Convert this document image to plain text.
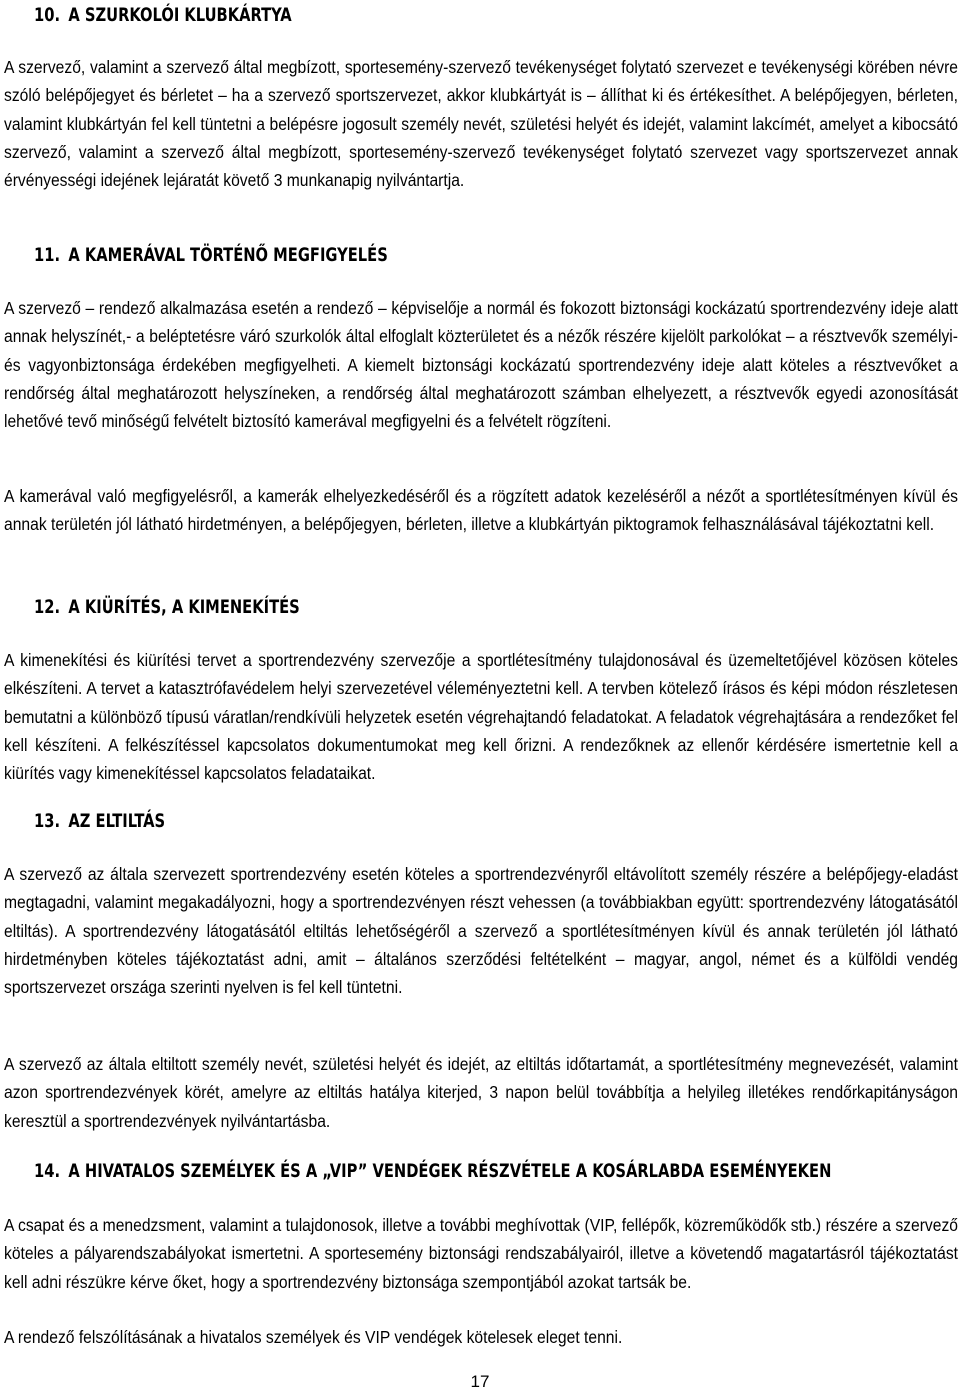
10. A SZURKOLÓI KLUBKÁRTYA
A szervező, valamint a szervező által megbízott, sportesemény-szervező tevékenységet folytató szervezet e tevékenységi körében névre szóló belépőjegyet és bérletet – ha a szervező sportszervezet, akkor klubkártyát is – állíthat ki és értékesíthet. A belépőjegyen, bérleten, valamint klubkártyán fel kell tüntetni a belépésre jogosult személy nevét, születési helyét és idejét, valamint lakcímét, amelyet a kibocsátó szervező, valamint a szervező által megbízott, sportesemény-szervező tevékenységet folytató szervezet vagy sportszervezet annak érvényességi idejének lejáratát követő 3 munkanapig nyilvántartja.
11. A KAMERÁVAL TÖRTÉNŐ MEGFIGYELÉS
A szervező – rendező alkalmazása esetén a rendező – képviselője a normál és fokozott biztonsági kockázatú sportrendezvény ideje alatt annak helyszínét,- a beléptetésre váró szurkolók által elfoglalt közterületet és a nézők részére kijelölt parkolókat – a résztvevők személyi- és vagyonbiztonsága érdekében megfigyelheti. A kiemelt biztonsági kockázatú sportrendezvény ideje alatt köteles a résztvevőket a rendőrség által meghatározott helyszíneken, a rendőrség által meghatározott számban elhelyezett, a résztvevők egyedi azonosítását lehetővé tevő minőségű felvételt biztosító kamerával megfigyelni és a felvételt rögzíteni.
A kamerával való megfigyelésről, a kamerák elhelyezkedéséről és a rögzített adatok kezeléséről a nézőt a sportlétesítményen kívül és annak területén jól látható hirdetményen, a belépőjegyen, bérleten, illetve a klubkártyán piktogramok felhasználásával tájékoztatni kell.
12. A KIÜRÍTÉS, A KIMENEKÍTÉS
A kimenekítési és kiürítési tervet a sportrendezvény szervezője a sportlétesítmény tulajdonosával és üzemeltetőjével közösen köteles elkészíteni. A tervet a katasztrófavédelem helyi szervezetével véleményeztetni kell. A tervben kötelező írásos és képi módon részletesen bemutatni a különböző típusú váratlan/rendkívüli helyzetek esetén végrehajtandó feladatokat. A feladatok végrehajtására a rendezőket fel kell készíteni. A felkészítéssel kapcsolatos dokumentumokat meg kell őrizni. A rendezőknek az ellenőr kérdésére ismertetnie kell a kiürítés vagy kimenekítéssel kapcsolatos feladataikat.
13. AZ ELTILTÁS
A szervező az általa szervezett sportrendezvény esetén köteles a sportrendezvényről eltávolított személy részére a belépőjegy-eladást megtagadni, valamint megakadályozni, hogy a sportrendezvényen részt vehessen (a továbbiakban együtt: sportrendezvény látogatásától eltiltás). A sportrendezvény látogatásától eltiltás lehetőségéről a szervező a sportlétesítményen kívül és annak területén jól látható hirdetményben köteles tájékoztatást adni, amit – általános szerződési feltételként – magyar, angol, német és a külföldi vendég sportszervezet országa szerinti nyelven is fel kell tüntetni.
A szervező az általa eltiltott személy nevét, születési helyét és idejét, az eltiltás időtartamát, a sportlétesítmény megnevezését, valamint azon sportrendezvények körét, amelyre az eltiltás hatálya kiterjed, 3 napon belül továbbítja a helyileg illetékes rendőrkapitányságon keresztül a sportrendezvények nyilvántartásba.
14. A HIVATALOS SZEMÉLYEK ÉS A „VIP” VENDÉGEK RÉSZVÉTELE A KOSÁRLABDA ESEMÉNYEKEN
A csapat és a menedzsment, valamint a tulajdonosok, illetve a további meghívottak (VIP, fellépők, közreműködők stb.) részére a szervező köteles a pályarendszabályokat ismertetni. A sportesemény biztonsági rendszabályairól, illetve a követendő magatartásról tájékoztatást kell adni részükre kérve őket, hogy a sportrendezvény biztonsága szempontjából azokat tartsák be.
A rendező felszólításának a hivatalos személyek és VIP vendégek kötelesek eleget tenni.
17
